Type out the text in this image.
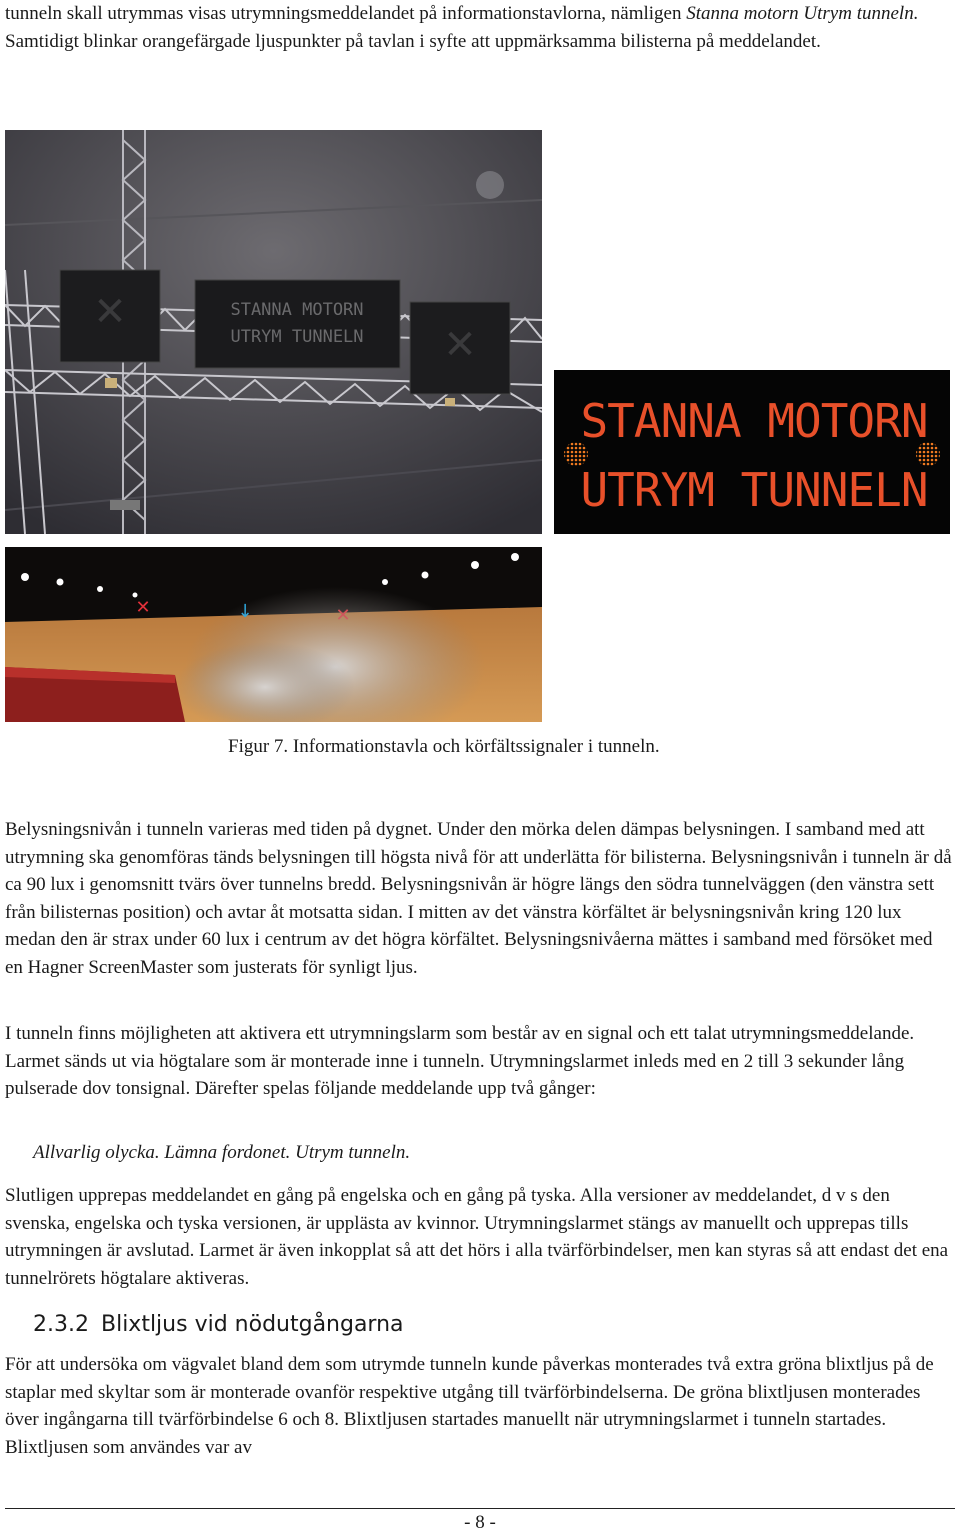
tunneln skall utrymmas visas utrymningsmeddelandet på informationstavlorna, nämligen Stanna motorn Utrym tunneln. Samtidigt blinkar orangefärgade ljuspunkter på tavlan i syfte att uppmärksamma bilisterna på meddelandet.

✕	STANNA MOTORN
UTRYM TUNNELN ✕
STANNA MOTORN
UTRYM TUNNELN
✕

Figur 7. Informationstavla och körfältssignaler i tunneln.

Belysningsnivån i tunneln varieras med tiden på dygnet. Under den mörka delen dämpas belysningen. I samband med att utrymning ska genomföras tänds belysningen till högsta nivå för att underlätta för bilisterna. Belysningsnivån i tunneln är då ca 90 lux i genomsnitt tvärs över tunnelns bredd. Belysningsnivån är högre längs den södra tunnelväggen (den vänstra sett från bilisternas position) och avtar åt motsatta sidan. I mitten av det vänstra körfältet är belysningsnivån kring 120 lux medan den är strax under 60 lux i centrum av det högra körfältet. Belysningsnivåerna mättes i samband med försöket med en Hagner ScreenMaster som justerats för synligt ljus.

I tunneln finns möjligheten att aktivera ett utrymningslarm som består av en signal och ett talat utrymningsmeddelande. Larmet sänds ut via högtalare som är monterade inne i tunneln. Utrymningslarmet inleds med en 2 till 3 sekunder lång pulserade dov tonsignal. Därefter spelas följande meddelande upp två gånger:

Allvarlig olycka. Lämna fordonet. Utrym tunneln.

Slutligen upprepas meddelandet en gång på engelska och en gång på tyska. Alla versioner av meddelandet, d v s den svenska, engelska och tyska versionen, är upplästa av kvinnor. Utrymningslarmet stängs av manuellt och upprepas tills utrymningen är avslutad. Larmet är även inkopplat så att det hörs i alla tvärförbindelser, men kan styras så att endast det ena tunnelrörets högtalare aktiveras.

2.3.2 Blixtljus vid nödutgångarna

För att undersöka om vägvalet bland dem som utrymde tunneln kunde påverkas monterades två extra gröna blixtljus på de staplar med skyltar som är monterade ovanför respektive utgång till tvärförbindelserna. De gröna blixtljusen monterades över ingångarna till tvärförbindelse 6 och 8. Blixtljusen startades manuellt när utrymningslarmet i tunneln startades. Blixtljusen som användes var av

- 8 -
